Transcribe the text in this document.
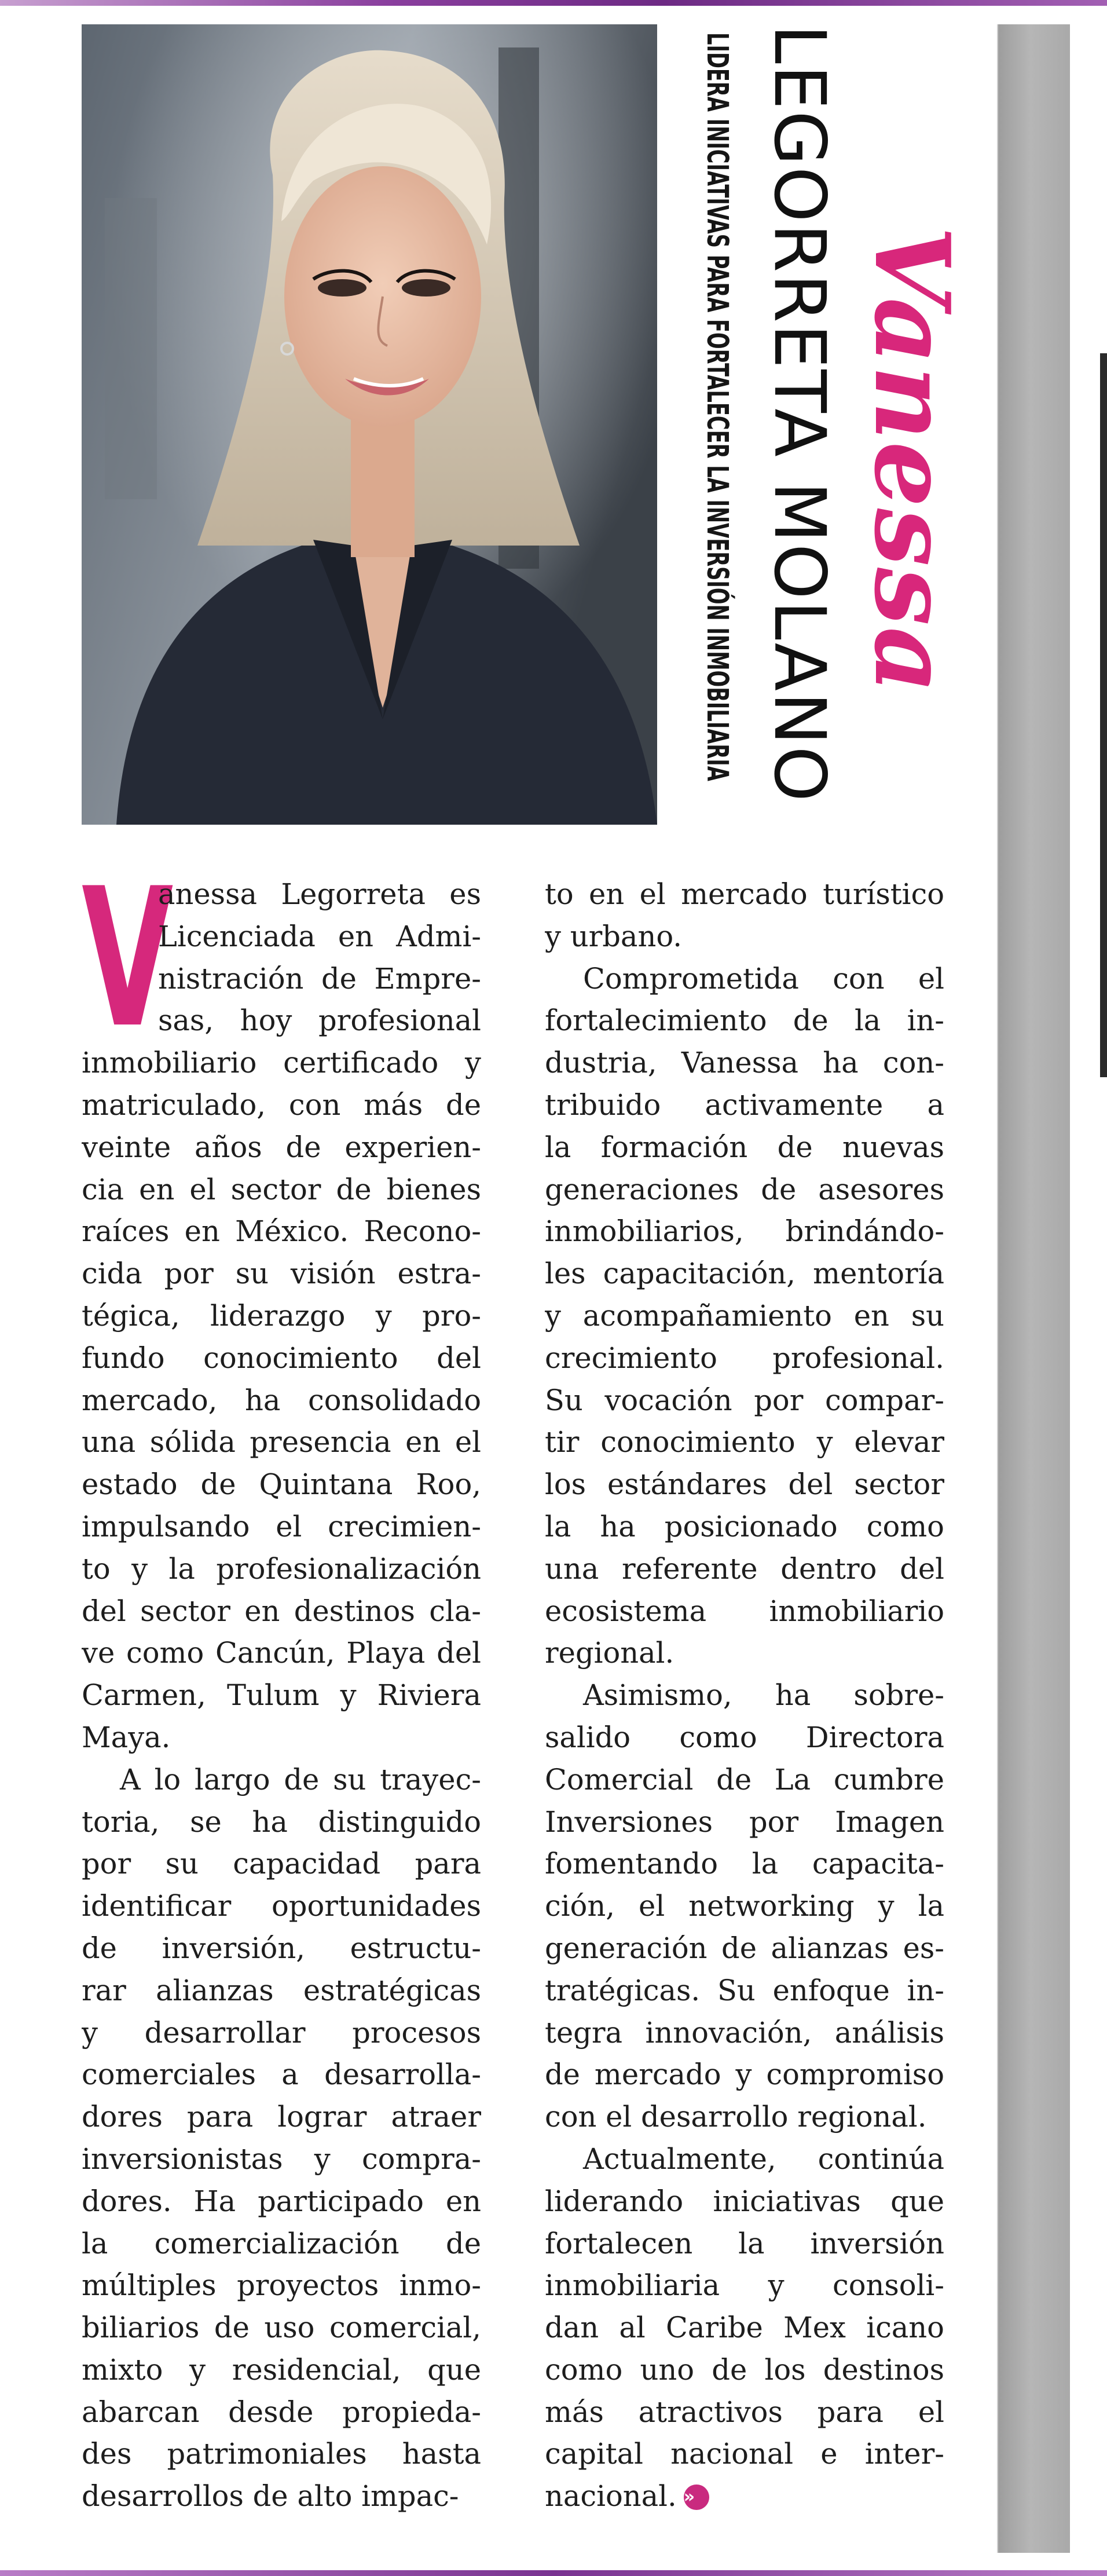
Vanessa
LEGORRETA MOLANO
LIDERA INICIATIVAS PARA FORTALECER LA INVERSIÓN INMOBILIARIA
V
anessa Legorreta es
Licenciada en Admi-
nistración de Empre-
sas, hoy profesional
inmobiliario certificado y
matriculado, con más de
veinte años de experien-
cia en el sector de bienes
raíces en México. Recono-
cida por su visión estra-
tégica, liderazgo y pro-
fundo conocimiento del
mercado, ha consolidado
una sólida presencia en el
estado de Quintana Roo,
impulsando el crecimien-
to y la profesionalización
del sector en destinos cla-
ve como Cancún, Playa del
Carmen, Tulum y Riviera
Maya.
A lo largo de su trayec-
toria, se ha distinguido
por su capacidad para
identificar oportunidades
de inversión, estructu-
rar alianzas estratégicas
y desarrollar procesos
comerciales a desarrolla-
dores para lograr atraer
inversionistas y compra-
dores. Ha participado en
la comercialización de
múltiples proyectos inmo-
biliarios de uso comercial,
mixto y residencial, que
abarcan desde propieda-
des patrimoniales hasta
desarrollos de alto impac-
to en el mercado turístico
y urbano.
Comprometida con el
fortalecimiento de la in-
dustria, Vanessa ha con-
tribuido activamente a
la formación de nuevas
generaciones de asesores
inmobiliarios, brindándo-
les capacitación, mentoría
y acompañamiento en su
crecimiento profesional.
Su vocación por compar-
tir conocimiento y elevar
los estándares del sector
la ha posicionado como
una referente dentro del
ecosistema inmobiliario
regional.
Asimismo, ha sobre-
salido como Directora
Comercial de La cumbre
Inversiones por Imagen
fomentando la capacita-
ción, el networking y la
generación de alianzas es-
tratégicas. Su enfoque in-
tegra innovación, análisis
de mercado y compromiso
con el desarrollo regional.
Actualmente, continúa
liderando iniciativas que
fortalecen la inversión
inmobiliaria y consoli-
dan al Caribe Mex icano
como uno de los destinos
más atractivos para el
capital nacional e inter-
nacional. »
